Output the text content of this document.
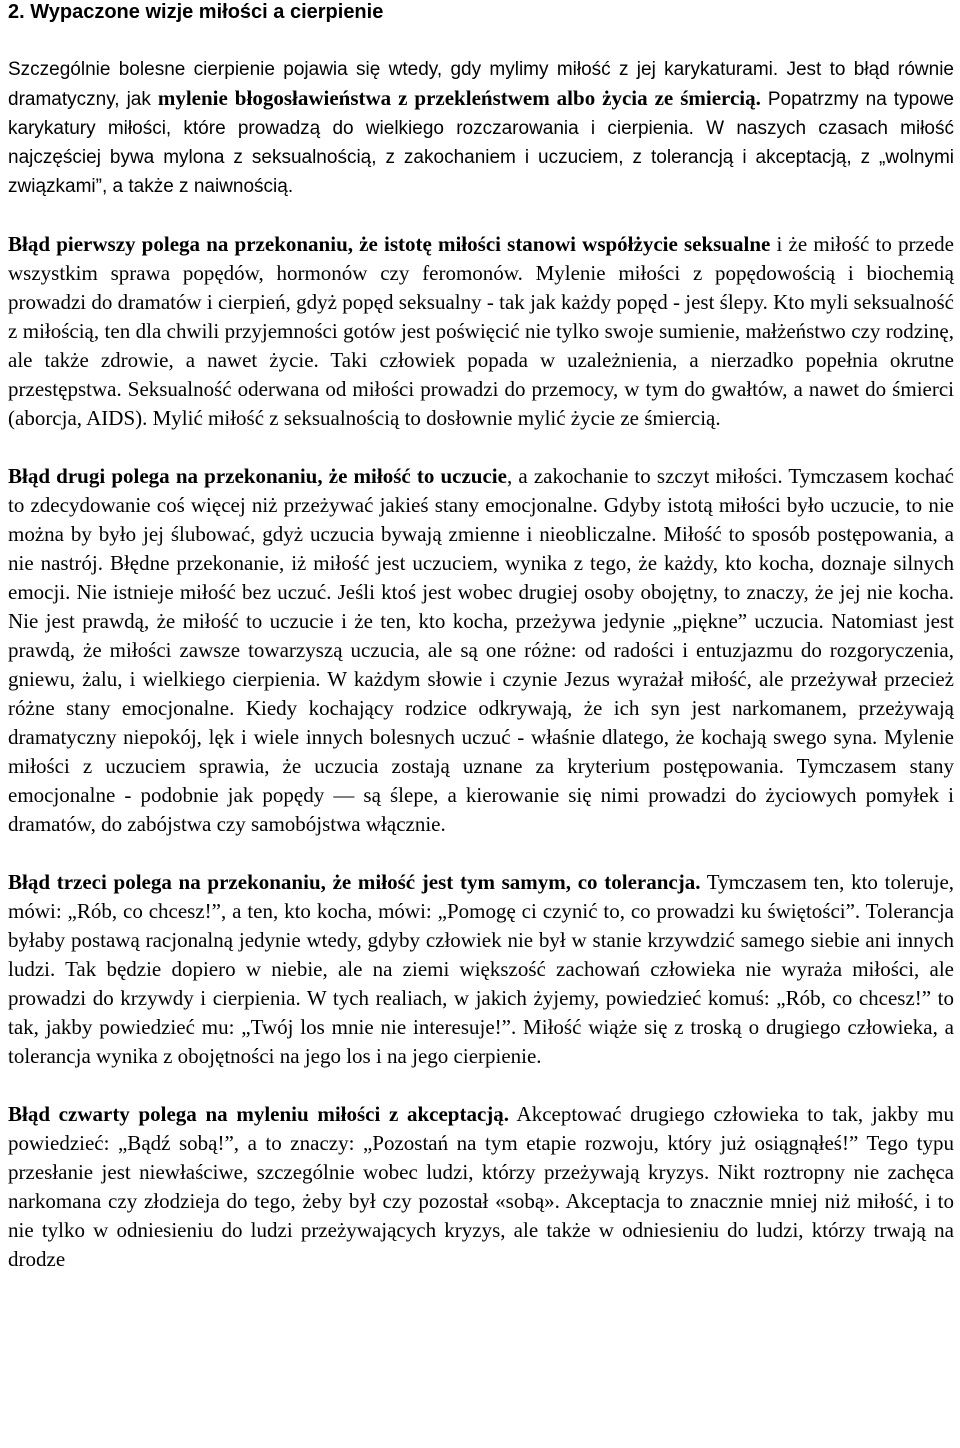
2. Wypaczone wizje miłości a cierpienie

Szczególnie bolesne cierpienie pojawia się wtedy, gdy mylimy miłość z jej karykaturami. Jest to błąd równie dramatyczny, jak mylenie błogosławieństwa z przekleństwem albo życia ze śmiercią. Popatrzmy na typowe karykatury miłości, które prowadzą do wielkiego rozczarowania i cierpienia. W naszych czasach miłość najczęściej bywa mylona z seksualnością, z zakochaniem i uczuciem, z tolerancją i akceptacją, z „wolnymi związkami”, a także z naiwnością.

Błąd pierwszy polega na przekonaniu, że istotę miłości stanowi współżycie seksualne i że miłość to przede wszystkim sprawa popędów, hormonów czy feromonów. Mylenie miłości z popędowością i biochemią prowadzi do dramatów i cierpień, gdyż popęd seksualny - tak jak każdy popęd - jest ślepy. Kto myli seksualność z miłością, ten dla chwili przyjemności gotów jest poświęcić nie tylko swoje sumienie, małżeństwo czy rodzinę, ale także zdrowie, a nawet życie. Taki człowiek popada w uzależnienia, a nierzadko popełnia okrutne przestępstwa. Seksualność oderwana od miłości prowadzi do przemocy, w tym do gwałtów, a nawet do śmierci (aborcja, AIDS). Mylić miłość z seksualnością to dosłownie mylić życie ze śmiercią.

Błąd drugi polega na przekonaniu, że miłość to uczucie, a zakochanie to szczyt miłości. Tymczasem kochać to zdecydowanie coś więcej niż przeżywać jakieś stany emocjonalne. Gdyby istotą miłości było uczucie, to nie można by było jej ślubować, gdyż uczucia bywają zmienne i nieobliczalne. Miłość to sposób postępowania, a nie nastrój. Błędne przekonanie, iż miłość jest uczuciem, wynika z tego, że każdy, kto kocha, doznaje silnych emocji. Nie istnieje miłość bez uczuć. Jeśli ktoś jest wobec drugiej osoby obojętny, to znaczy, że jej nie kocha. Nie jest prawdą, że miłość to uczucie i że ten, kto kocha, przeżywa jedynie „piękne” uczucia. Natomiast jest prawdą, że miłości zawsze towarzyszą uczucia, ale są one różne: od radości i entuzjazmu do rozgoryczenia, gniewu, żalu, i wielkiego cierpienia. W każdym słowie i czynie Jezus wyrażał miłość, ale przeżywał przecież różne stany emocjonalne. Kiedy kochający rodzice odkrywają, że ich syn jest narkomanem, przeżywają dramatyczny niepokój, lęk i wiele innych bolesnych uczuć - właśnie dlatego, że kochają swego syna. Mylenie miłości z uczuciem sprawia, że uczucia zostają uznane za kryterium postępowania. Tymczasem stany emocjonalne - podobnie jak popędy — są ślepe, a kierowanie się nimi prowadzi do życiowych pomyłek i dramatów, do zabójstwa czy samobójstwa włącznie.

Błąd trzeci polega na przekonaniu, że miłość jest tym samym, co tolerancja. Tymczasem ten, kto toleruje, mówi: „Rób, co chcesz!”, a ten, kto kocha, mówi: „Pomogę ci czynić to, co prowadzi ku świętości”. Tolerancja byłaby postawą racjonalną jedynie wtedy, gdyby człowiek nie był w stanie krzywdzić samego siebie ani innych ludzi. Tak będzie dopiero w niebie, ale na ziemi większość zachowań człowieka nie wyraża miłości, ale prowadzi do krzywdy i cierpienia. W tych realiach, w jakich żyjemy, powiedzieć komuś: „Rób, co chcesz!” to tak, jakby powiedzieć mu: „Twój los mnie nie interesuje!”. Miłość wiąże się z troską o drugiego człowieka, a tolerancja wynika z obojętności na jego los i na jego cierpienie.

Błąd czwarty polega na myleniu miłości z akceptacją. Akceptować drugiego człowieka to tak, jakby mu powiedzieć: „Bądź sobą!”, a to znaczy: „Pozostań na tym etapie rozwoju, który już osiągnąłeś!” Tego typu przesłanie jest niewłaściwe, szczególnie wobec ludzi, którzy przeżywają kryzys. Nikt roztropny nie zachęca narkomana czy złodzieja do tego, żeby był czy pozostał «sobą». Akceptacja to znacznie mniej niż miłość, i to nie tylko w odniesieniu do ludzi przeżywających kryzys, ale także w odniesieniu do ludzi, którzy trwają na drodze
